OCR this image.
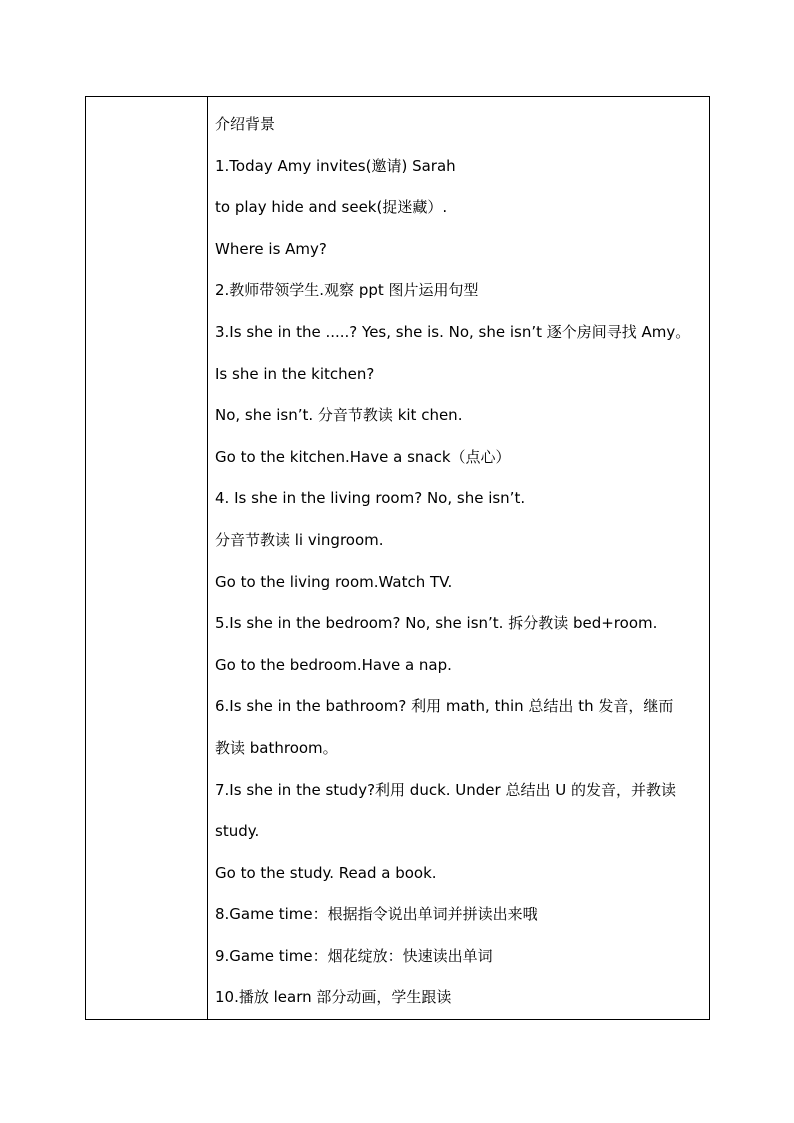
介绍背景
1.Today Amy invites(邀请) Sarah
to play hide and seek(捉迷藏）.
Where is Amy?
2.教师带领学生.观察 ppt 图片运用句型
3.Is she in the .....? Yes, she is. No, she isn’t 逐个房间寻找 Amy。
Is she in the kitchen?
No, she isn’t. 分音节教读 kit chen.
Go to the kitchen.Have a snack（点心）
4. Is she in the living room? No, she isn’t.
分音节教读 li vingroom.
Go to the living room.Watch TV.
5.Is she in the bedroom? No, she isn’t. 拆分教读 bed+room.
Go to the bedroom.Have a nap.
6.Is she in the bathroom? 利用 math, thin 总结出 th 发音，继而
教读 bathroom。
7.Is she in the study?利用 duck. Under 总结出 U 的发音，并教读
study.
Go to the study. Read a book.
8.Game time：根据指令说出单词并拼读出来哦
9.Game time：烟花绽放：快速读出单词
10.播放 learn 部分动画，学生跟读
